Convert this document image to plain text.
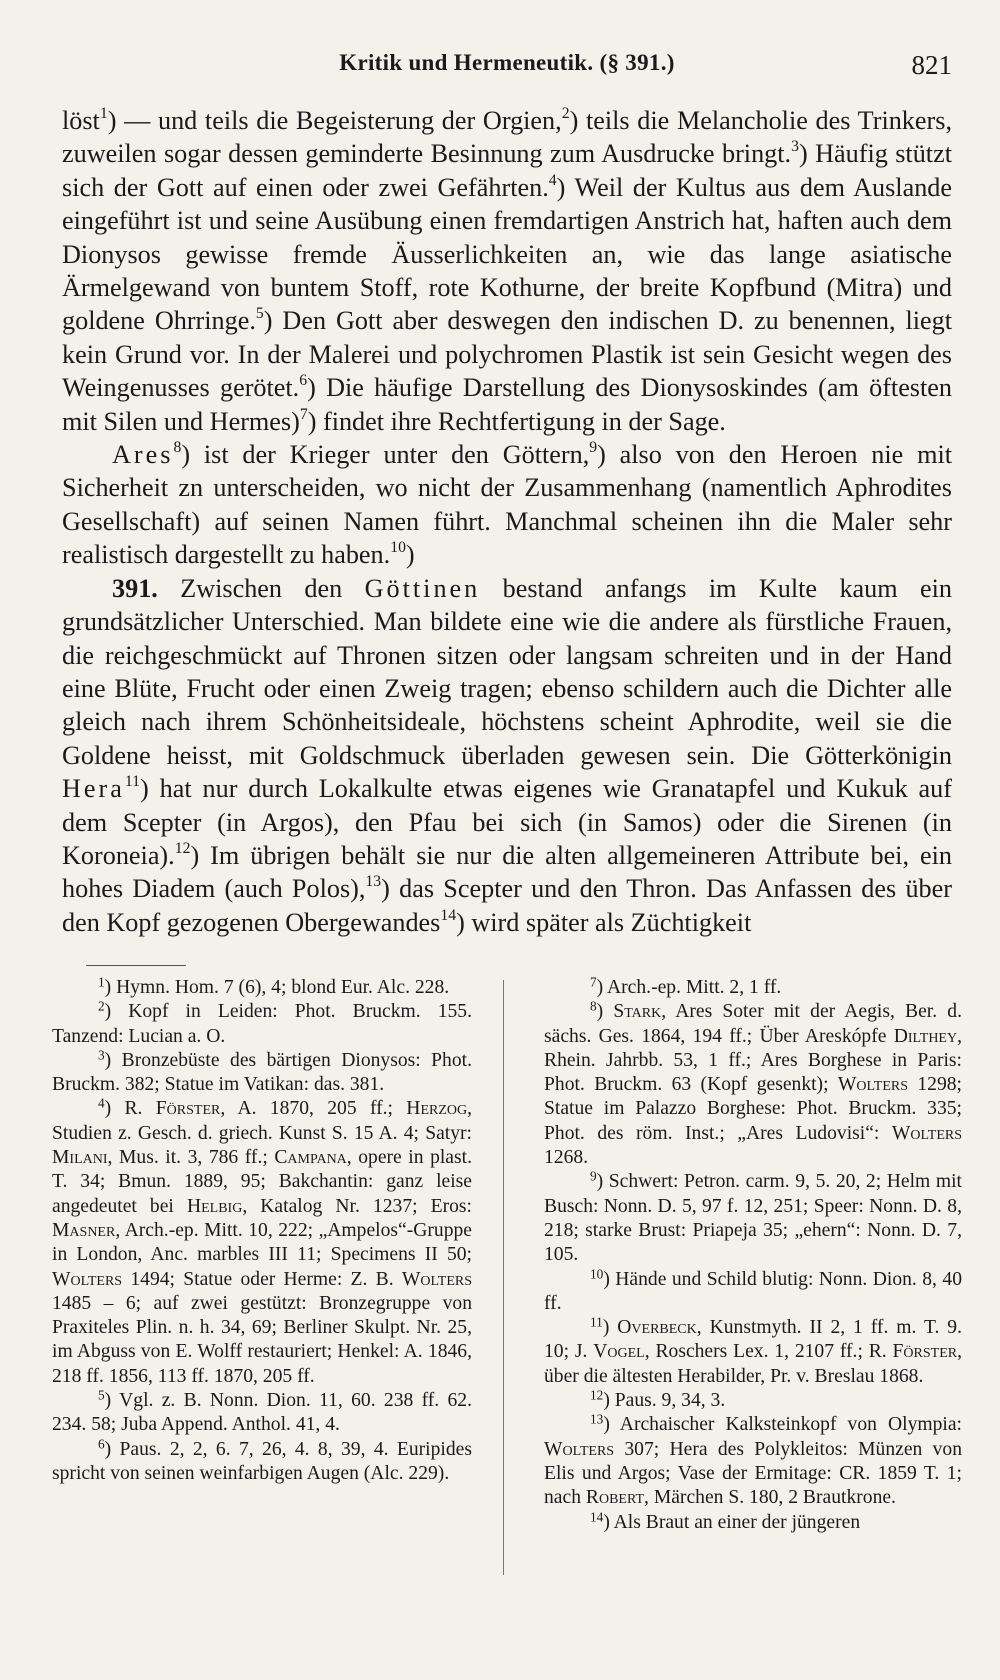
Kritik und Hermeneutik. (§ 391.)	821

löst$^1$) — und teils die Begeisterung der Orgien,$^2$) teils die Melancholie des Trinkers, zuweilen sogar dessen geminderte Besinnung zum Ausdrucke bringt.$^3$) Häufig stützt sich der Gott auf einen oder zwei Gefährten.$^4$) Weil der Kultus aus dem Auslande eingeführt ist und seine Ausübung einen fremdartigen Anstrich hat, haften auch dem Dionysos gewisse fremde Äusserlichkeiten an, wie das lange asiatische Ärmelgewand von buntem Stoff, rote Kothurne, der breite Kopfbund (Mitra) und goldene Ohrringe.$^5$) Den Gott aber deswegen den indischen D. zu benennen, liegt kein Grund vor. In der Malerei und polychromen Plastik ist sein Gesicht wegen des Weingenusses gerötet.$^6$) Die häufige Darstellung des Dionysoskindes (am öftesten mit Silen und Hermes)$^7$) findet ihre Rechtfertigung in der Sage.

Ares$^8$) ist der Krieger unter den Göttern,$^9$) also von den Heroen nie mit Sicherheit zn unterscheiden, wo nicht der Zusammenhang (namentlich Aphrodites Gesellschaft) auf seinen Namen führt. Manchmal scheinen ihn die Maler sehr realistisch dargestellt zu haben.$^{10}$)

391. Zwischen den Göttinen bestand anfangs im Kulte kaum ein grundsätzlicher Unterschied. Man bildete eine wie die andere als fürstliche Frauen, die reichgeschmückt auf Thronen sitzen oder langsam schreiten und in der Hand eine Blüte, Frucht oder einen Zweig tragen; ebenso schildern auch die Dichter alle gleich nach ihrem Schönheitsideale, höchstens scheint Aphrodite, weil sie die Goldene heisst, mit Goldschmuck überladen gewesen sein. Die Götterkönigin Hera$^{11}$) hat nur durch Lokalkulte etwas eigenes wie Granatapfel und Kukuk auf dem Scepter (in Argos), den Pfau bei sich (in Samos) oder die Sirenen (in Koroneia).$^{12}$) Im übrigen behält sie nur die alten allgemeineren Attribute bei, ein hohes Diadem (auch Polos),$^{13}$) das Scepter und den Thron. Das Anfassen des über den Kopf gezogenen Obergewandes$^{14}$) wird später als Züchtigkeit

$^1$) Hymn. Hom. 7 (6), 4; blond Eur. Alc. 228.

$^2$) Kopf in Leiden: Phot. Bruckm. 155. Tanzend: Lucian a. O.

$^3$) Bronzebüste des bärtigen Dionysos: Phot. Bruckm. 382; Statue im Vatikan: das. 381.

$^4$) R. Förster, A. 1870, 205 ff.; Herzog, Studien z. Gesch. d. griech. Kunst S. 15 A. 4; Satyr: Milani, Mus. it. 3, 786 ff.; Campana, opere in plast. T. 34; Bmun. 1889, 95; Bakchantin: ganz leise angedeutet bei Helbig, Katalog Nr. 1237; Eros: Masner, Arch.-ep. Mitt. 10, 222; „Ampelos“-Gruppe in London, Anc. marbles III 11; Specimens II 50; Wolters 1494; Statue oder Herme: Z. B. Wolters 1485 – 6; auf zwei gestützt: Bronzegruppe von Praxiteles Plin. n. h. 34, 69; Berliner Skulpt. Nr. 25, im Abguss von E. Wolff restauriert; Henkel: A. 1846, 218 ff. 1856, 113 ff. 1870, 205 ff.

$^5$) Vgl. z. B. Nonn. Dion. 11, 60. 238 ff. 62. 234. 58; Juba Append. Anthol. 41, 4.

$^6$) Paus. 2, 2, 6. 7, 26, 4. 8, 39, 4. Euripides spricht von seinen weinfarbigen Augen (Alc. 229).

$^7$) Arch.-ep. Mitt. 2, 1 ff.

$^8$) Stark, Ares Soter mit der Aegis, Ber. d. sächs. Ges. 1864, 194 ff.; Über Areskópfe Dilthey, Rhein. Jahrbb. 53, 1 ff.; Ares Borghese in Paris: Phot. Bruckm. 63 (Kopf gesenkt); Wolters 1298; Statue im Palazzo Borghese: Phot. Bruckm. 335; Phot. des röm. Inst.; „Ares Ludovisi“: Wolters 1268.

$^9$) Schwert: Petron. carm. 9, 5. 20, 2; Helm mit Busch: Nonn. D. 5, 97 f. 12, 251; Speer: Nonn. D. 8, 218; starke Brust: Priapeja 35; „ehern“: Nonn. D. 7, 105.

$^{10}$) Hände und Schild blutig: Nonn. Dion. 8, 40 ff.

$^{11}$) Overbeck, Kunstmyth. II 2, 1 ff. m. T. 9. 10; J. Vogel, Roschers Lex. 1, 2107 ff.; R. Förster, über die ältesten Herabilder, Pr. v. Breslau 1868.

$^{12}$) Paus. 9, 34, 3.

$^{13}$) Archaischer Kalksteinkopf von Olympia: Wolters 307; Hera des Polykleitos: Münzen von Elis und Argos; Vase der Ermitage: CR. 1859 T. 1; nach Robert, Märchen S. 180, 2 Brautkrone.

$^{14}$) Als Braut an einer der jüngeren
